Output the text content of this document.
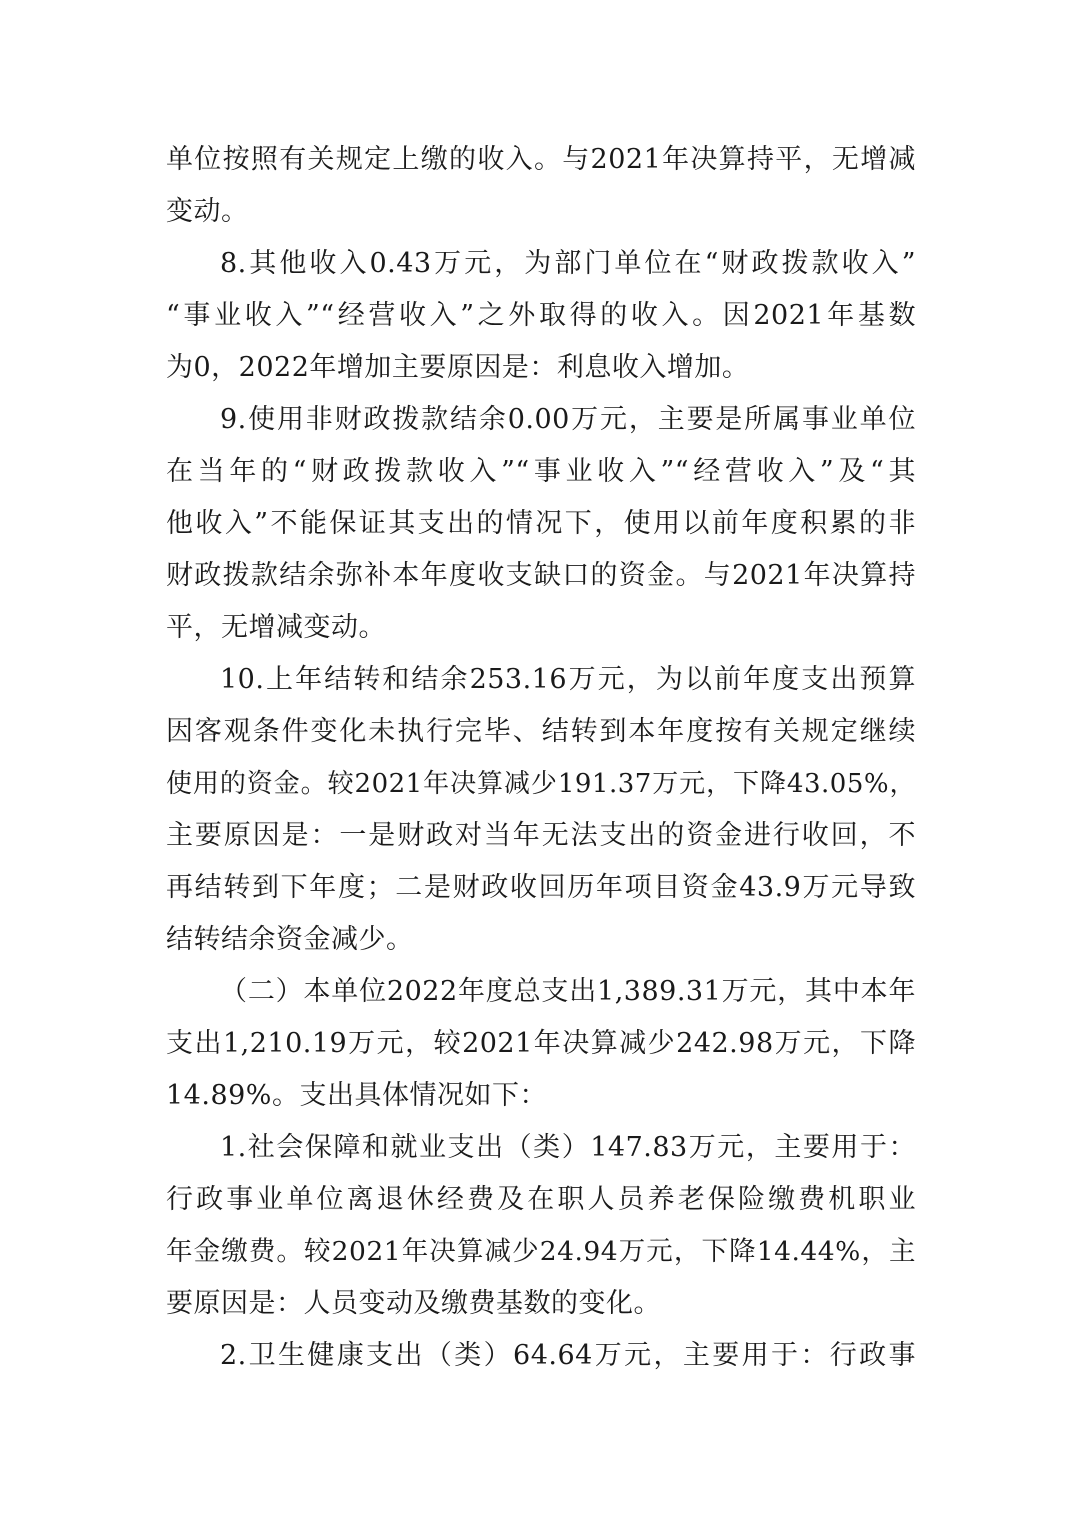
单位按照有关规定上缴的收入。与2021年决算持平，无增减
变动。
8.其他收入0.43万元，为部门单位在“财政拨款收入”
“事业收入”“经营收入”之外取得的收入。因2021年基数
为0，2022年增加主要原因是：利息收入增加。
9.使用非财政拨款结余0.00万元，主要是所属事业单位
在当年的“财政拨款收入”“事业收入”“经营收入”及“其
他收入”不能保证其支出的情况下，使用以前年度积累的非
财政拨款结余弥补本年度收支缺口的资金。与2021年决算持
平，无增减变动。
10.上年结转和结余253.16万元，为以前年度支出预算
因客观条件变化未执行完毕、结转到本年度按有关规定继续
使用的资金。较2021年决算减少191.37万元，下降43.05%，
主要原因是：一是财政对当年无法支出的资金进行收回，不
再结转到下年度；二是财政收回历年项目资金43.9万元导致
结转结余资金减少。
（二）本单位2022年度总支出1,389.31万元，其中本年
支出1,210.19万元，较2021年决算减少242.98万元，下降
14.89%。支出具体情况如下：
1.社会保障和就业支出（类）147.83万元，主要用于：
行政事业单位离退休经费及在职人员养老保险缴费机职业
年金缴费。较2021年决算减少24.94万元，下降14.44%，主
要原因是：人员变动及缴费基数的变化。
2.卫生健康支出（类）64.64万元，主要用于：行政事
